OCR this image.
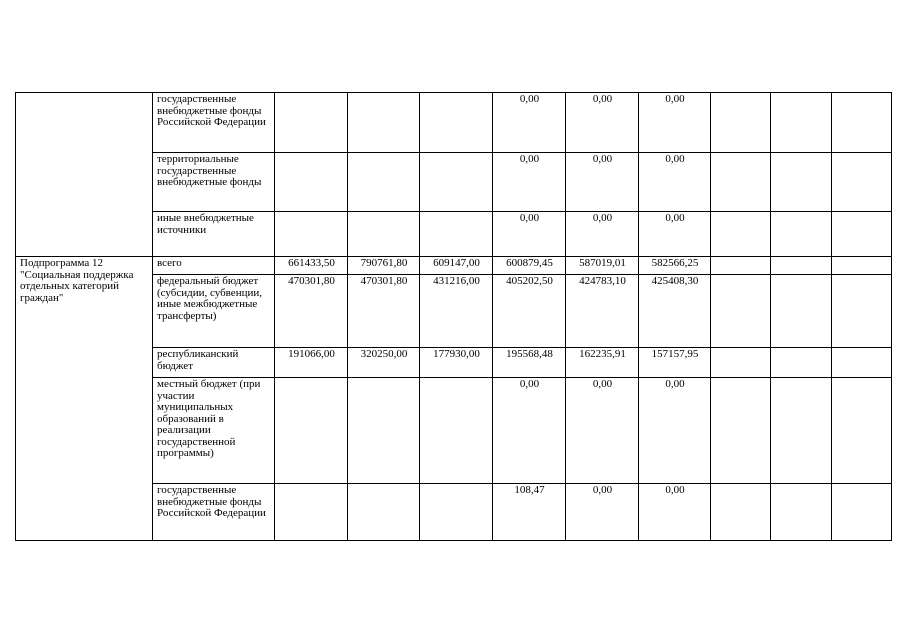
	государственные внебюджетные фонды Российской Федерации				0,00	0,00	0,00			
	территориальные государственные внебюджетные фонды				0,00	0,00	0,00			
	иные внебюджетные источники				0,00	0,00	0,00			
Подпрограмма 12 "Социальная поддержка отдельных категорий граждан"	всего	661433,50	790761,80	609147,00	600879,45	587019,01	582566,25			
	федеральный бюджет (субсидии, субвенции, иные межбюджетные трансферты)	470301,80	470301,80	431216,00	405202,50	424783,10	425408,30			
	республиканский бюджет	191066,00	320250,00	177930,00	195568,48	162235,91	157157,95			
	местный бюджет (при участии муниципальных образований в реализации государственной программы)				0,00	0,00	0,00			
	государственные внебюджетные фонды Российской Федерации				108,47	0,00	0,00			
